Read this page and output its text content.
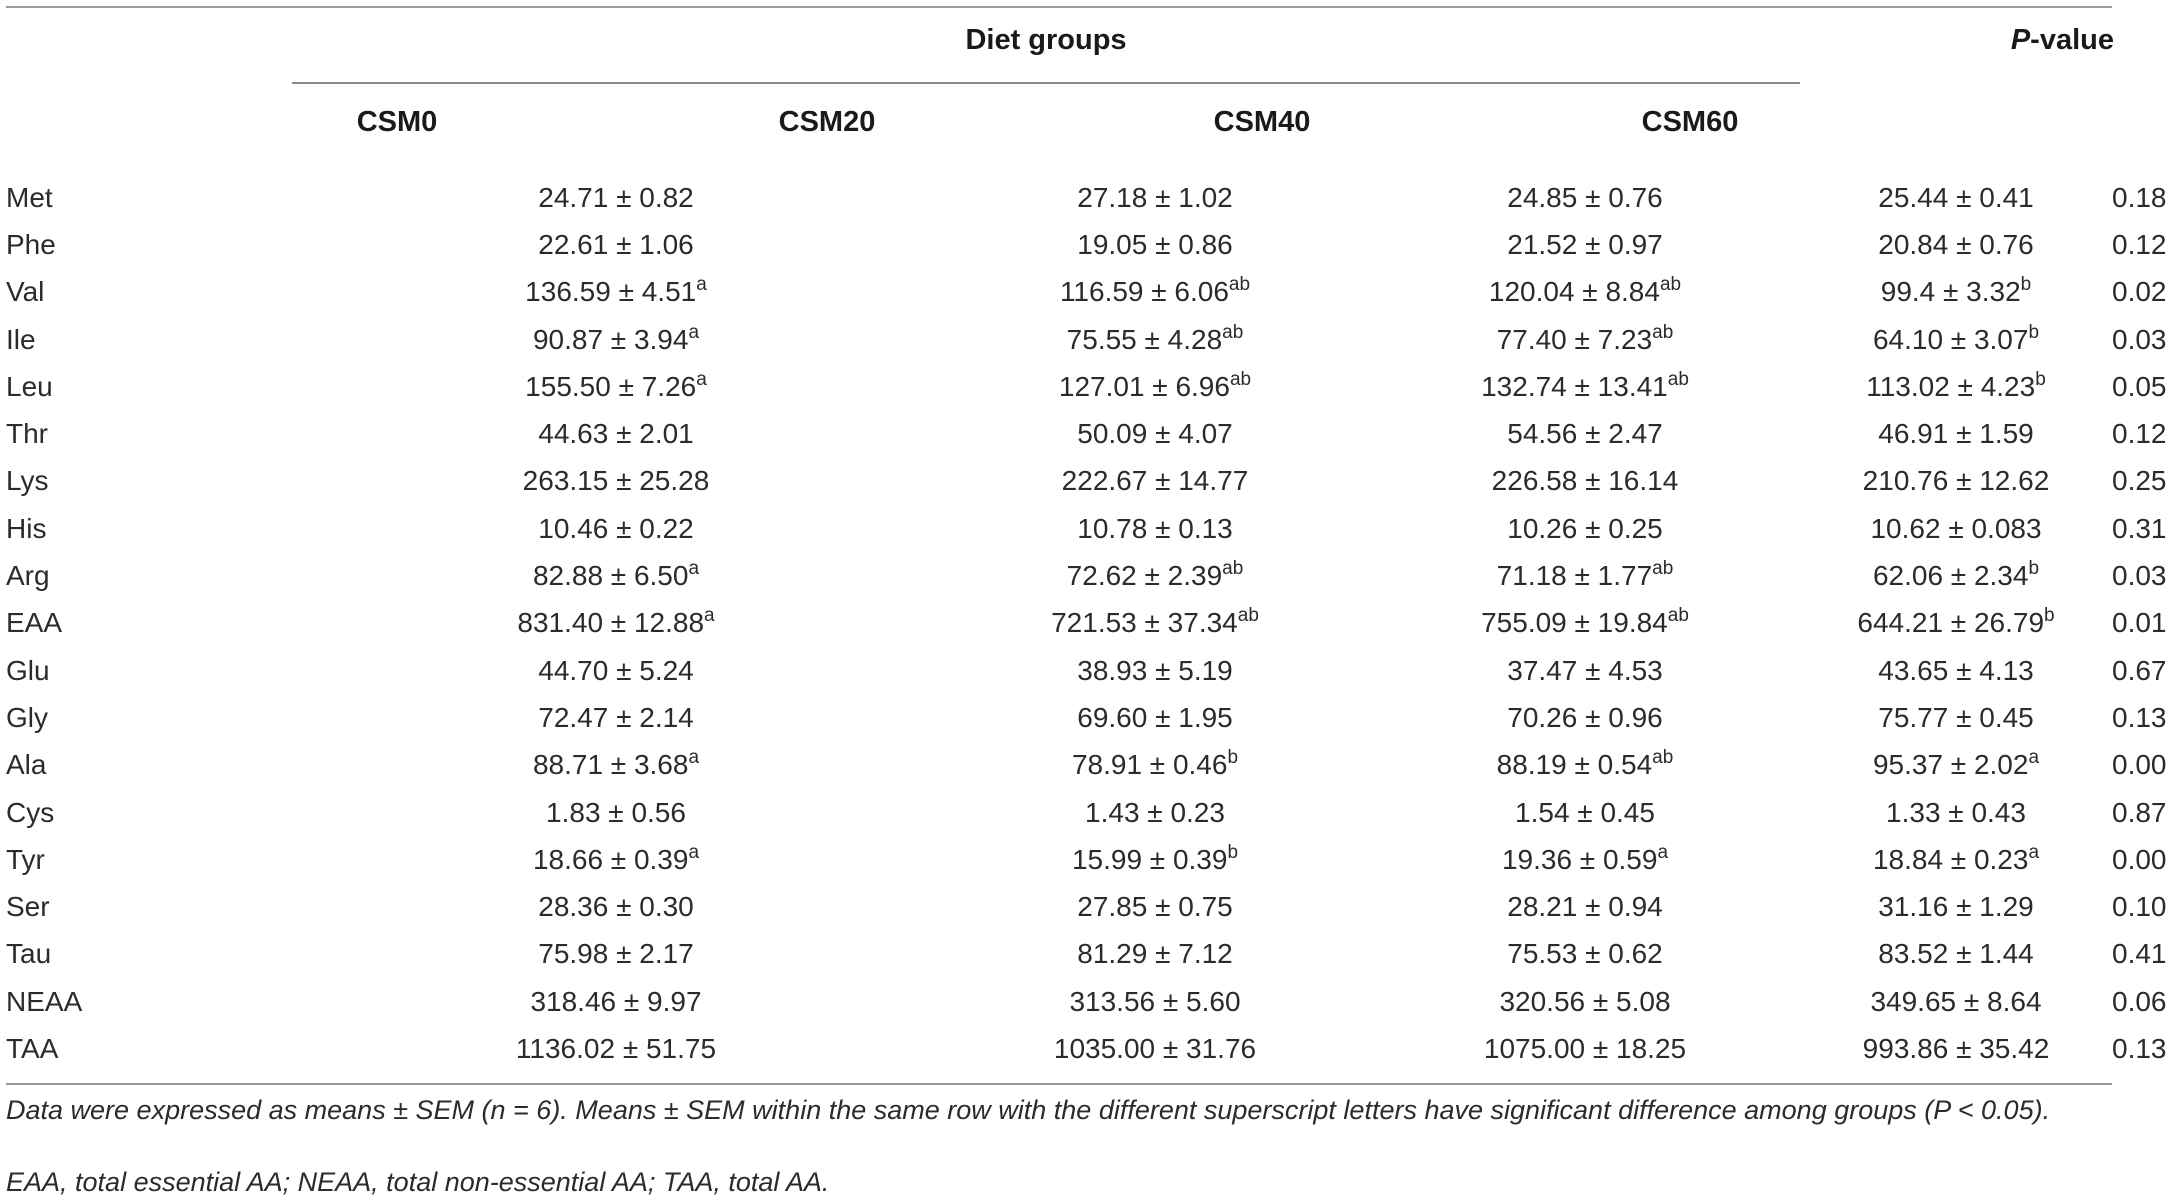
Diet groups	P-value
CSM0	CSM20	CSM40	CSM60
Met	24.71 ± 0.82	27.18 ± 1.02	24.85 ± 0.76	25.44 ± 0.41	0.18
Phe	22.61 ± 1.06	19.05 ± 0.86	21.52 ± 0.97	20.84 ± 0.76	0.12
Val	136.59 ± 4.51$^a$	116.59 ± 6.06$^{ab}$	120.04 ± 8.84$^{ab}$	99.4 ± 3.32$^b$	0.02
Ile	90.87 ± 3.94$^a$	75.55 ± 4.28$^{ab}$	77.40 ± 7.23$^{ab}$	64.10 ± 3.07$^b$	0.03
Leu	155.50 ± 7.26$^a$	127.01 ± 6.96$^{ab}$	132.74 ± 13.41$^{ab}$	113.02 ± 4.23$^b$	0.05
Thr	44.63 ± 2.01	50.09 ± 4.07	54.56 ± 2.47	46.91 ± 1.59	0.12
Lys	263.15 ± 25.28	222.67 ± 14.77	226.58 ± 16.14	210.76 ± 12.62	0.25
His	10.46 ± 0.22	10.78 ± 0.13	10.26 ± 0.25	10.62 ± 0.083	0.31
Arg	82.88 ± 6.50$^a$	72.62 ± 2.39$^{ab}$	71.18 ± 1.77$^{ab}$	62.06 ± 2.34$^b$	0.03
EAA	831.40 ± 12.88$^a$	721.53 ± 37.34$^{ab}$	755.09 ± 19.84$^{ab}$	644.21 ± 26.79$^b$	0.01
Glu	44.70 ± 5.24	38.93 ± 5.19	37.47 ± 4.53	43.65 ± 4.13	0.67
Gly	72.47 ± 2.14	69.60 ± 1.95	70.26 ± 0.96	75.77 ± 0.45	0.13
Ala	88.71 ± 3.68$^a$	78.91 ± 0.46$^b$	88.19 ± 0.54$^{ab}$	95.37 ± 2.02$^a$	0.00
Cys	1.83 ± 0.56	1.43 ± 0.23	1.54 ± 0.45	1.33 ± 0.43	0.87
Tyr	18.66 ± 0.39$^a$	15.99 ± 0.39$^b$	19.36 ± 0.59$^a$	18.84 ± 0.23$^a$	0.00
Ser	28.36 ± 0.30	27.85 ± 0.75	28.21 ± 0.94	31.16 ± 1.29	0.10
Tau	75.98 ± 2.17	81.29 ± 7.12	75.53 ± 0.62	83.52 ± 1.44	0.41
NEAA	318.46 ± 9.97	313.56 ± 5.60	320.56 ± 5.08	349.65 ± 8.64	0.06
TAA	1136.02 ± 51.75	1035.00 ± 31.76	1075.00 ± 18.25	993.86 ± 35.42	0.13
Data were expressed as means ± SEM (n = 6). Means ± SEM within the same row with the different superscript letters have significant difference among groups (P < 0.05).
EAA, total essential AA; NEAA, total non-essential AA; TAA, total AA.
